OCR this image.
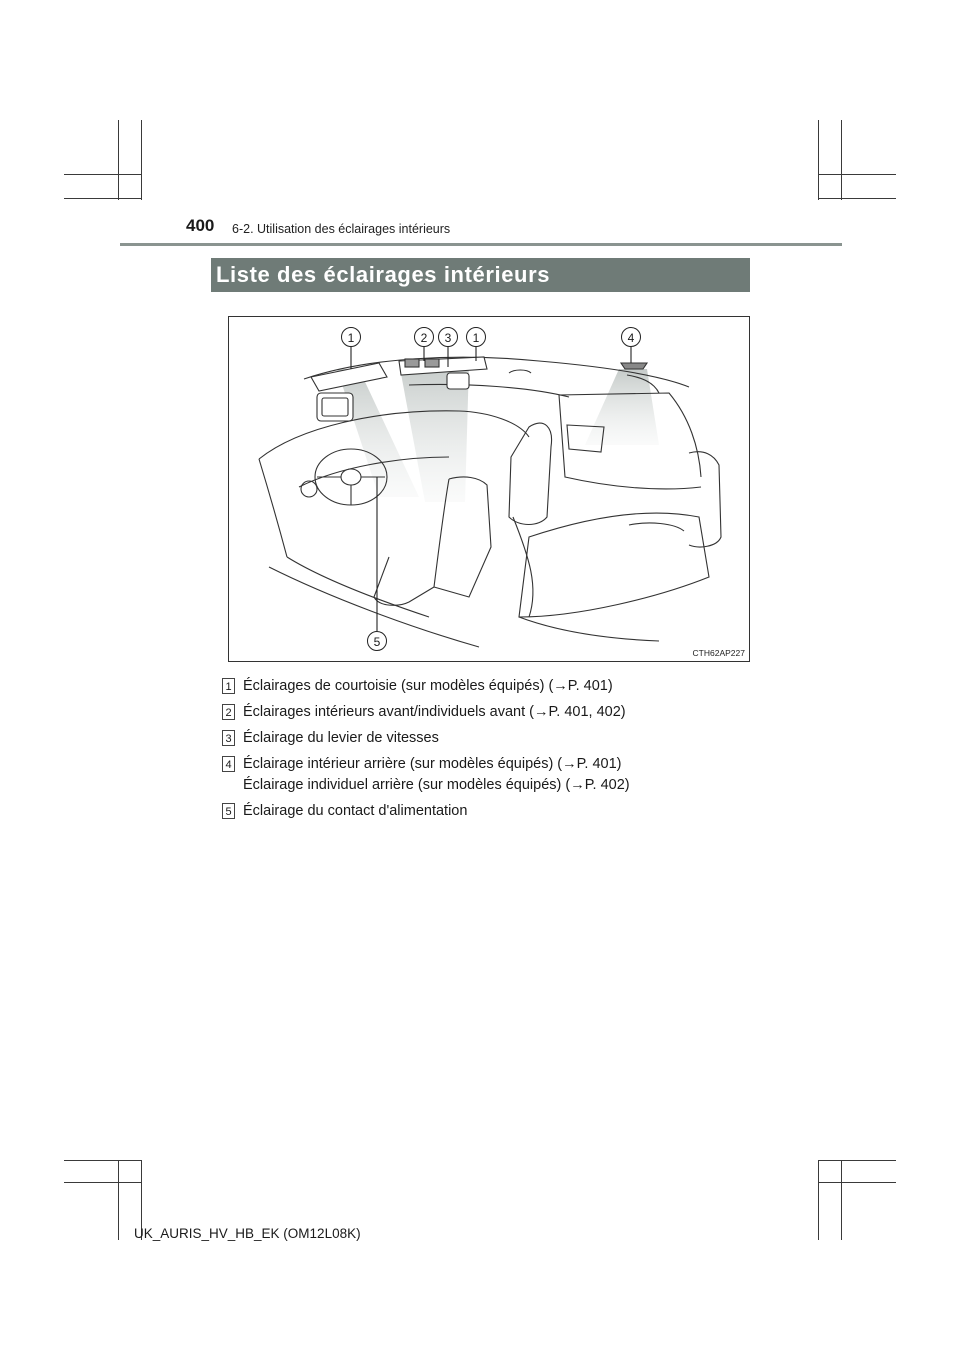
400 6-2. Utilisation des éclairages intérieurs
Liste des éclairages intérieurs
1	2	3	1	4
5
CTH62AP227
1 Éclairages de courtoisie (sur modèles équipés) (→P. 401)
2 Éclairages intérieurs avant/individuels avant (→P. 401, 402)
3 Éclairage du levier de vitesses
4 Éclairage intérieur arrière (sur modèles équipés) (→P. 401)
Éclairage individuel arrière (sur modèles équipés) (→P. 402)
5 Éclairage du contact d'alimentation
UK_AURIS_HV_HB_EK (OM12L08K)
